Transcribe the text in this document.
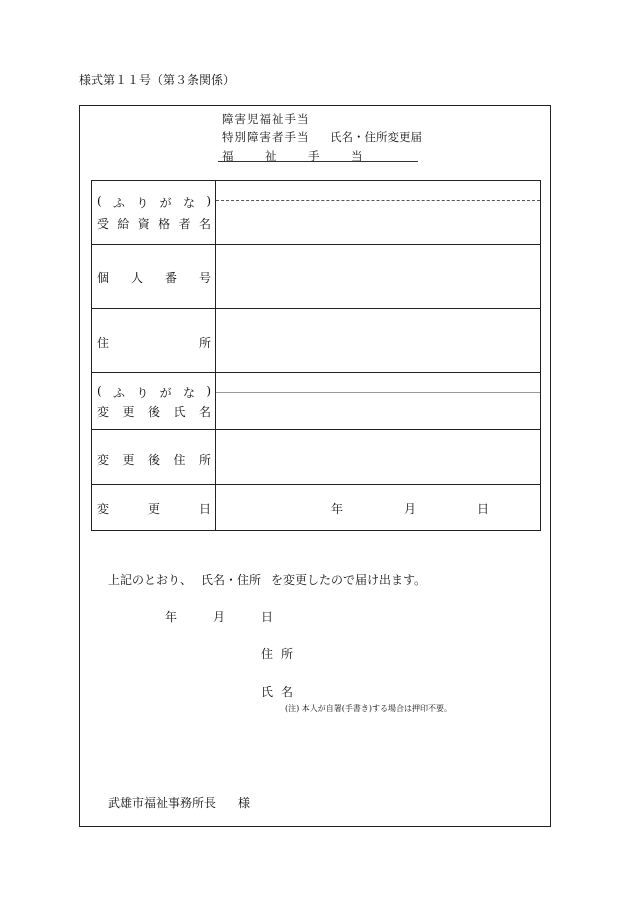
様式第１１号（第３条関係）
障害児福祉手当
特別障害者手当
福　祉　手　当
氏名・住所変更届
( ふ り が な )
受 給 資 格 者 名
個 人 番 号
住	所
( ふ り が な )
変 更 後 氏 名
変 更 後 住 所
変	更	日	年	月	日
上記のとおり、 氏名・住所 を変更したので届け出ます。
年	月	日
住所
氏名
(注) 本人が自署(手書き)する場合は押印不要。
武雄市福祉事務所長 様
